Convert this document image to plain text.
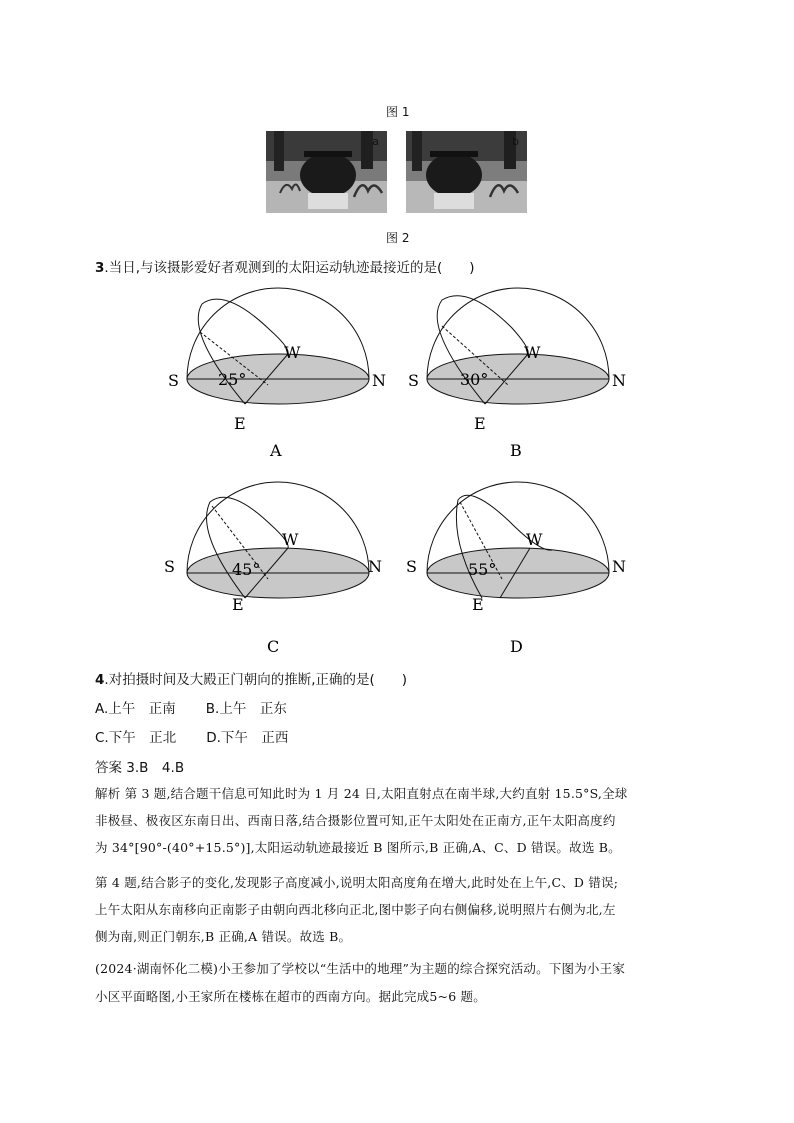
图 1
a	b
图 2
3.当日,与该摄影爱好者观测到的太阳运动轨迹最接近的是(　　)
S	N
W
E
25°
A
S	N
W
E
30°
B
S	N
W
E
45°
C
S	N
W
E
55°
D
4.对拍摄时间及大殿正门朝向的推断,正确的是(　　)
A.上午　正南 B.上午　正东
C.下午　正北 D.下午　正西
答案 3.B　4.B
解析 第 3 题,结合题干信息可知此时为 1 月 24 日,太阳直射点在南半球,大约直射 15.5°S,全球
非极昼、极夜区东南日出、西南日落,结合摄影位置可知,正午太阳处在正南方,正午太阳高度约
为 34°[90°-(40°+15.5°)],太阳运动轨迹最接近 B 图所示,B 正确,A、C、D 错误。故选 B。
第 4 题,结合影子的变化,发现影子高度减小,说明太阳高度角在增大,此时处在上午,C、D 错误;
上午太阳从东南移向正南影子由朝向西北移向正北,图中影子向右侧偏移,说明照片右侧为北,左
侧为南,则正门朝东,B 正确,A 错误。故选 B。
(2024·湖南怀化二模)小王参加了学校以“生活中的地理”为主题的综合探究活动。下图为小王家
小区平面略图,小王家所在楼栋在超市的西南方向。据此完成5~6 题。
